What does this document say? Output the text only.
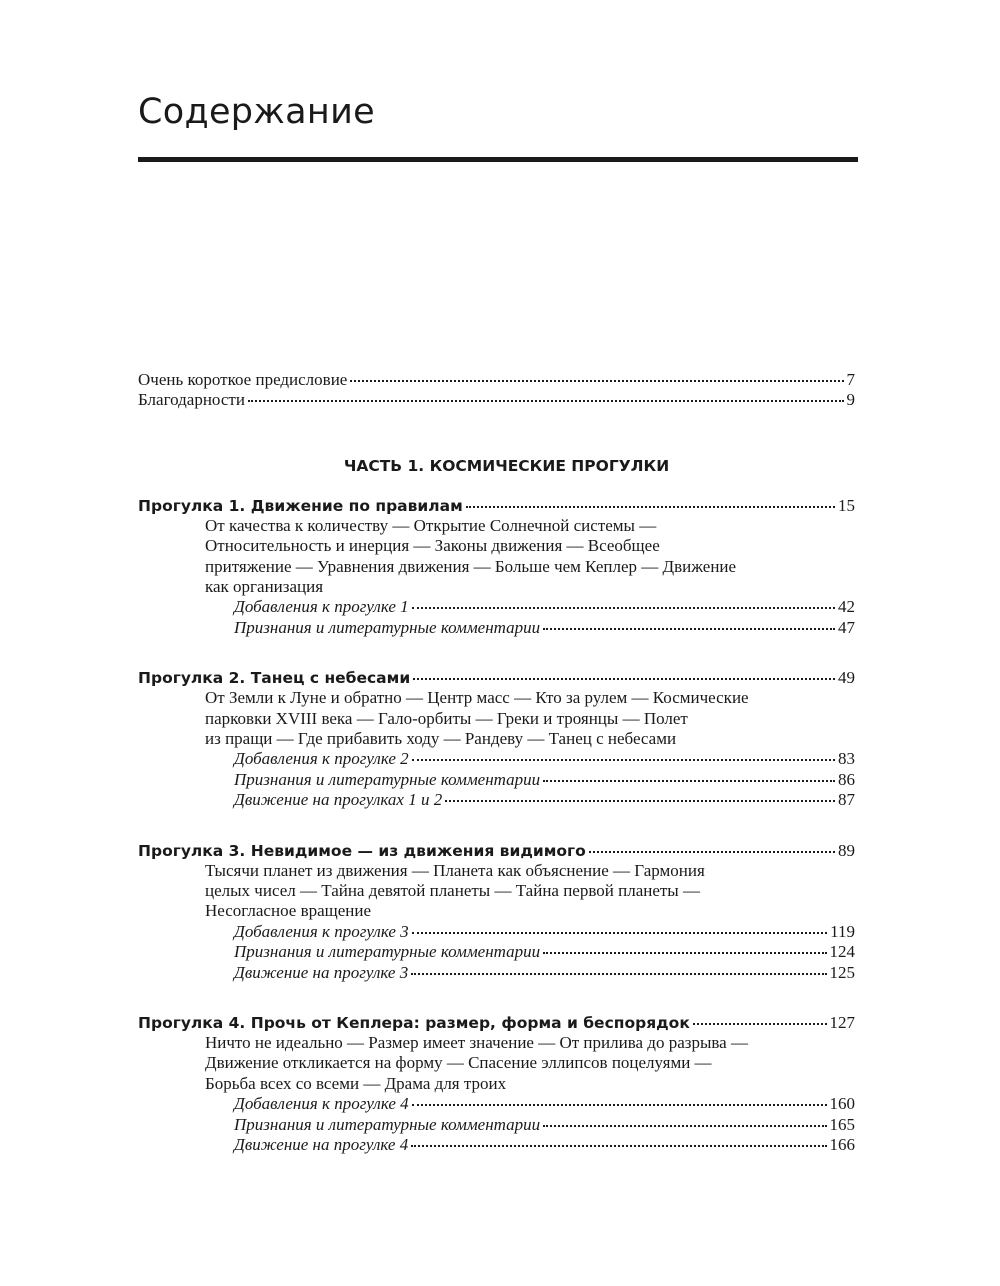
Содержание
Очень короткое предисловие	7
Благодарности	9

ЧАСТЬ 1. КОСМИЧЕСКИЕ ПРОГУЛКИ

Прогулка 1. Движение по правилам	15

От качества к количеству — Открытие Солнечной системы —

Относительность и инерция — Законы движения — Всеобщее

притяжение — Уравнения движения — Больше чем Кеплер — Движение

как организация

Добавления к прогулке 1	42
Признания и литературные комментарии	47
Прогулка 2. Танец с небесами	49

От Земли к Луне и обратно — Центр масс — Кто за рулем — Космические

парковки XVIII века — Гало-орбиты — Греки и троянцы — Полет

из пращи — Где прибавить ходу — Рандеву — Танец с небесами

Добавления к прогулке 2	83
Признания и литературные комментарии	86
Движение на прогулках 1 и 2	87
Прогулка 3. Невидимое — из движения видимого	89

Тысячи планет из движения — Планета как объяснение — Гармония

целых чисел — Тайна девятой планеты — Тайна первой планеты —

Несогласное вращение

Добавления к прогулке 3	119
Признания и литературные комментарии	124
Движение на прогулке 3	125
Прогулка 4. Прочь от Кеплера: размер, форма и беспорядок	127

Ничто не идеально — Размер имеет значение — От прилива до разрыва —

Движение откликается на форму — Спасение эллипсов поцелуями —

Борьба всех со всеми — Драма для троих

Добавления к прогулке 4	160
Признания и литературные комментарии	165
Движение на прогулке 4	166
